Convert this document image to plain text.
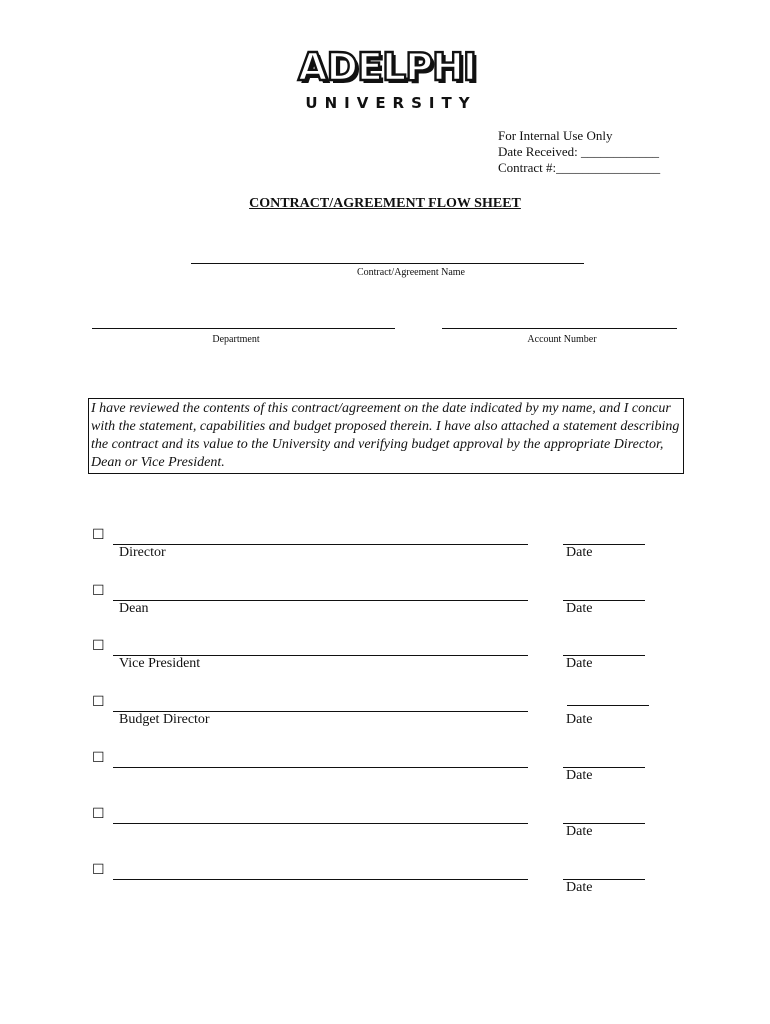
ADELPHI
UNIVERSITY
For Internal Use Only
Date Received: ____________
Contract #:________________
CONTRACT/AGREEMENT FLOW SHEET
Contract/Agreement Name
Department	Account Number
I have reviewed the contents of this contract/agreement on the date indicated by my name, and I concur with the statement, capabilities and budget proposed therein. I have also attached a statement describing the contract and its value to the University and verifying budget approval by the appropriate Director, Dean or Vice President.
☐
Director	Date
☐
Dean	Date
☐
Vice President	Date
☐
Budget Director	Date
☐
Date
☐
Date
☐
Date
